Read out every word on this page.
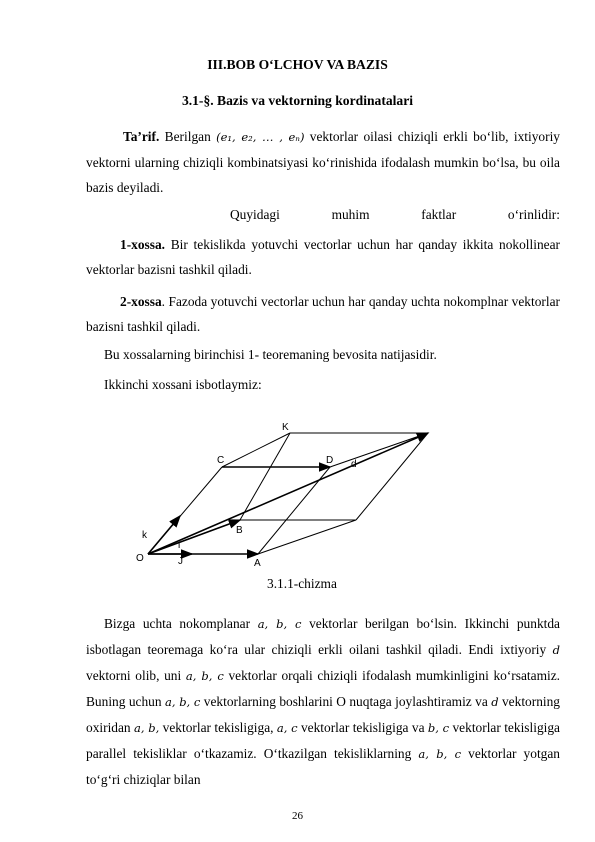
III.BOB O‘LCHOV VA BAZIS
3.1-§. Bazis va vektorning kordinatalari
Ta’rif. Berilgan (e₁, e₂, … , eₙ) vektorlar oilasi chiziqli erkli bo‘lib, ixtiyoriy vektorni ularning chiziqli kombinatsiyasi ko‘rinishida ifodalash mumkin bo‘lsa, bu oila bazis deyiladi.
Quyidagi	muhim	faktlar	o‘rinlidir:
1-xossa. Bir tekislikda yotuvchi vectorlar uchun har qanday ikkita nokollinear vektorlar bazisni tashkil qiladi.
2-xossa. Fazoda yotuvchi vectorlar uchun har qanday uchta nokomplnar vektorlar bazisni tashkil qiladi.
Bu xossalarning birinchisi 1- teoremaning bevosita natijasidir.
Ikkinchi xossani isbotlaymiz:
O	J	A
B
i
k
C	D d
K
3.1.1-chizma
Bizga uchta nokomplanar a, b, c vektorlar berilgan bo‘lsin. Ikkinchi punktda isbotlagan teoremaga ko‘ra ular chiziqli erkli oilani tashkil qiladi. Endi ixtiyoriy d vektorni olib, uni a, b, c vektorlar orqali chiziqli ifodalash mumkinligini ko‘rsatamiz. Buning uchun a, b, c vektorlarning boshlarini O nuqtaga joylashtiramiz va d vektorning oxiridan a, b, vektorlar tekisligiga, a, c vektorlar tekisligiga va b, c vektorlar tekisligiga parallel tekisliklar o‘tkazamiz. O‘tkazilgan tekisliklarning a, b, c vektorlar yotgan to‘g‘ri chiziqlar bilan
26
